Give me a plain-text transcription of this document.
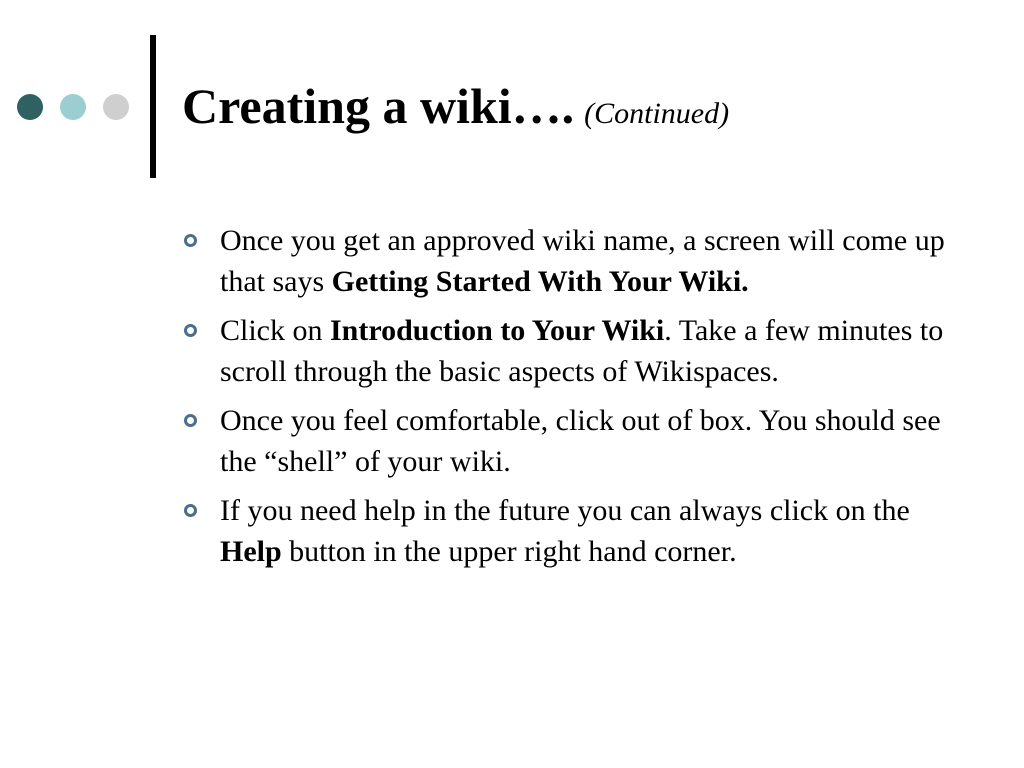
Creating a wiki…. (Continued)
Once you get an approved wiki name, a screen will come up that says Getting Started With Your Wiki.
Click on Introduction to Your Wiki. Take a few minutes to scroll through the basic aspects of Wikispaces.
Once you feel comfortable, click out of box. You should see the “shell” of your wiki.
If you need help in the future you can always click on the Help button in the upper right hand corner.
